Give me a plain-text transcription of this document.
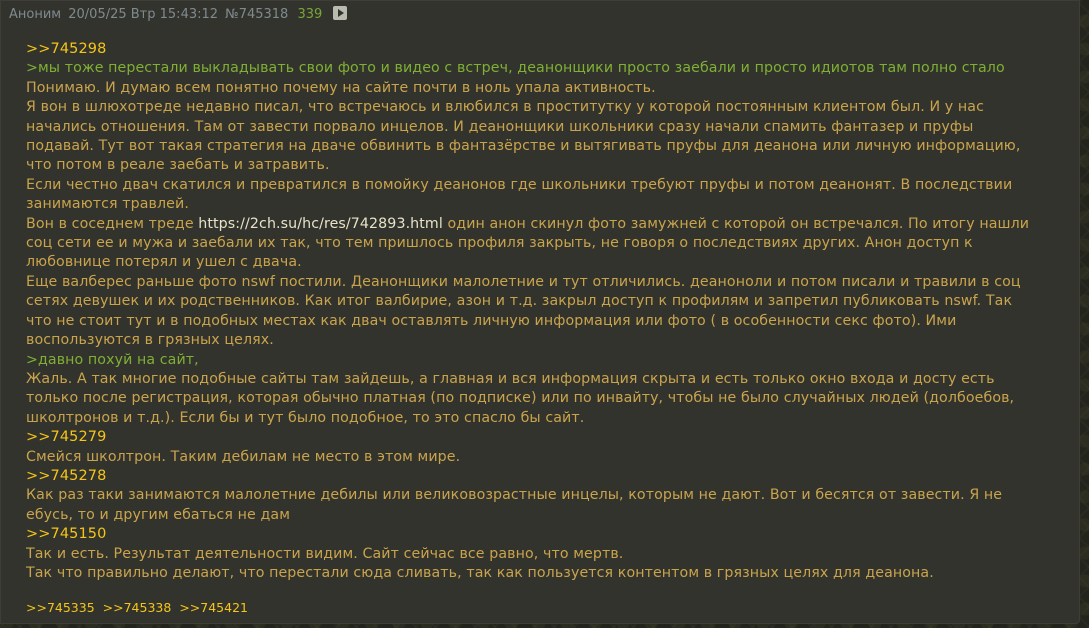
Аноним 20/05/25 Втр 15:43:12 №745318 339
>>745298
>мы тоже перестали выкладывать свои фото и видео с встреч, деанонщики просто заебали и просто идиотов там полно стало
Понимаю. И думаю всем понятно почему на сайте почти в ноль упала активность.
Я вон в шлюхотреде недавно писал, что встречаюсь и влюбился в проститутку у которой постоянным клиентом был. И у нас
начались отношения. Там от завести порвало инцелов. И деанонщики школьники сразу начали спамить фантазер и пруфы
подавай. Тут вот такая стратегия на дваче обвинить в фантазёрстве и вытягивать пруфы для деанона или личную информацию,
что потом в реале заебать и затравить.
Если честно двач скатился и превратился в помойку деанонов где школьники требуют пруфы и потом деанонят. В последствии
занимаются травлей.
Вон в соседнем треде https://2ch.su/hc/res/742893.html один анон скинул фото замужней с которой он встречался. По итогу нашли
соц сети ее и мужа и заебали их так, что тем пришлось профиля закрыть, не говоря о последствиях других. Анон доступ к
любовнице потерял и ушел с двача.
Еще валберес раньше фото nswf постили. Деанонщики малолетние и тут отличились. деаноноли и потом писали и травили в соц
сетях девушек и их родственников. Как итог валбирие, азон и т.д. закрыл доступ к профилям и запретил публиковать nswf. Так
что не стоит тут и в подобных местах как двач оставлять личную информация или фото ( в особенности секс фото). Ими
воспользуются в грязных целях.
>давно похуй на сайт,
Жаль. А так многие подобные сайты там зайдешь, а главная и вся информация скрыта и есть только окно входа и досту есть
только после регистрация, которая обычно платная (по подписке) или по инвайту, чтобы не было случайных людей (долбоебов,
школтронов и т.д.). Если бы и тут было подобное, то это спасло бы сайт.
>>745279
Смейся школтрон. Таким дебилам не место в этом мире.
>>745278
Как раз таки занимаются малолетние дебилы или великовозрастные инцелы, которым не дают. Вот и бесятся от завести. Я не
ебусь, то и другим ебаться не дам
>>745150
Так и есть. Результат деятельности видим. Сайт сейчас все равно, что мертв.
Так что правильно делают, что перестали сюда сливать, так как пользуется контентом в грязных целях для деанона.
>>745335 >>745338 >>745421
